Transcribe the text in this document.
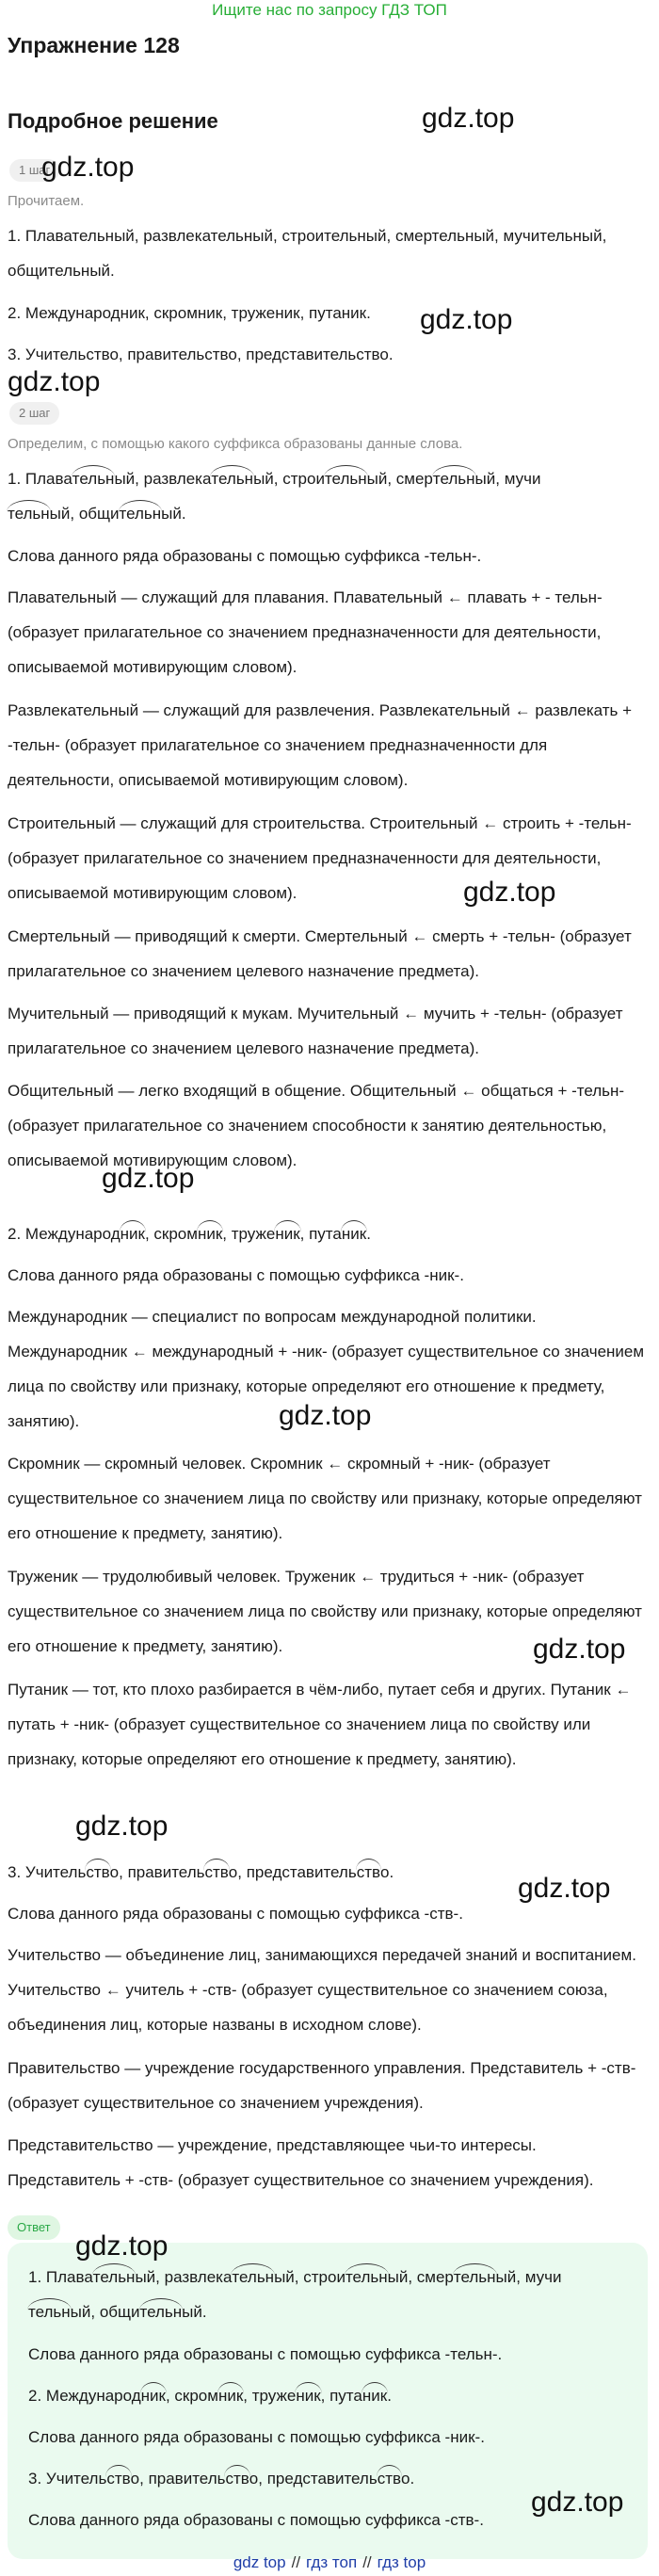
Ищите нас по запросу ГДЗ ТОП
Упражнение 128
Подробное решение	gdz.top
gdz.top
gdz.top
gdz.top
gdz.top
gdz.top
gdz.top
gdz.top
gdz.top
gdz.top
gdz.top
gdz.top
1 шаг

Прочитаем.

1. Плавательный, развлекательный, строительный, смертельный, мучительный, общительный.

2. Международник, скромник, труженик, путаник.

3. Учительство, правительство, представительство.

2 шаг

Определим, с помощью какого суффикса образованы данные слова.

1. Плавательный, развлекательный, строительный, смертельный, мучи
тельный, общительный.

Слова данного ряда образованы с помощью суффикса -тельн-.

Плавательный — служащий для плавания. Плавательный ← плавать + - тельн- (образует прилагательное со значением предназначенности для деятельности, описываемой мотивирующим словом).

Развлекательный — служащий для развлечения. Развлекательный ← развлекать + -тельн- (образует прилагательное со значением предназначенности для деятельности, описываемой мотивирующим словом).

Строительный — служащий для строительства. Строительный ← строить + -тельн- (образует прилагательное со значением предназначенности для деятельности, описываемой мотивирующим словом).

Смертельный — приводящий к смерти. Смертельный ← смерть + -тельн- (образует прилагательное со значением целевого назначение предмета).

Мучительный — приводящий к мукам. Мучительный ← мучить + -тельн- (образует прилагательное со значением целевого назначение предмета).

Общительный — легко входящий в общение. Общительный ← общаться + -тельн- (образует прилагательное со значением способности к занятию деятельностью, описываемой мотивирующим словом).

2. Международник, скромник, труженик, путаник.

Слова данного ряда образованы с помощью суффикса -ник-.

Международник — специалист по вопросам международной политики. Международник ← международный + -ник- (образует существительное со значением лица по свойству или признаку, которые определяют его отношение к предмету, занятию).

Скромник — скромный человек. Скромник ← скромный + -ник- (образует существительное со значением лица по свойству или признаку, которые определяют его отношение к предмету, занятию).

Труженик — трудолюбивый человек. Труженик ← трудиться + -ник- (образует существительное со значением лица по свойству или признаку, которые определяют его отношение к предмету, занятию).

Путаник — тот, кто плохо разбирается в чём-либо, путает себя и других. Путаник ← путать + -ник- (образует существительное со значением лица по свойству или признаку, которые определяют его отношение к предмету, занятию).

3. Учительство, правительство, представительство.

Слова данного ряда образованы с помощью суффикса -ств-.

Учительство — объединение лиц, занимающихся передачей знаний и воспитанием. Учительство ← учитель + -ств- (образует существительное со значением союза, объединения лиц, которые названы в исходном слове).

Правительство — учреждение государственного управления. Представитель + -ств- (образует существительное со значением учреждения).

Представительство — учреждение, представляющее чьи-то интересы. Представитель + -ств- (образует существительное со значением учреждения).

Ответ

1. Плавательный, развлекательный, строительный, смертельный, мучи
тельный, общительный.

Слова данного ряда образованы с помощью суффикса -тельн-.

2. Международник, скромник, труженик, путаник.

Слова данного ряда образованы с помощью суффикса -ник-.

3. Учительство, правительство, представительство.

Слова данного ряда образованы с помощью суффикса -ств-.

gdz top // гдз топ // гдз top
